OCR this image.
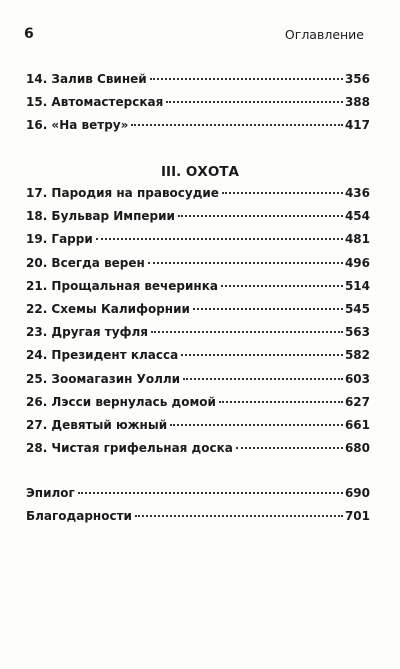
6	Оглавление
14. Залив Свиней	356
15. Автомастерская	388
16. «На ветру»	417
III. ОХОТА
17. Пародия на правосудие	436
18. Бульвар Империи	454
19. Гарри	481
20. Всегда верен	496
21. Прощальная вечеринка	514
22. Схемы Калифорнии	545
23. Другая туфля	563
24. Президент класса	582
25. Зоомагазин Уолли	603
26. Лэсси вернулась домой	627
27. Девятый южный	661
28. Чистая грифельная доска	680
Эпилог	690
Благодарности	701
